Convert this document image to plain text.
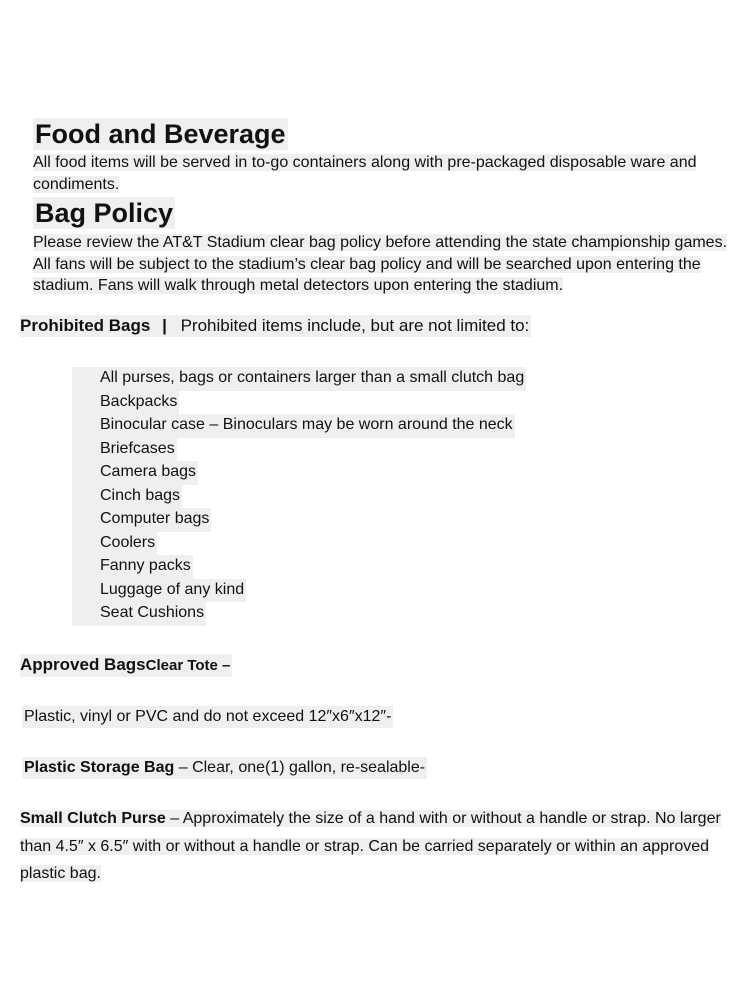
Food and Beverage

All food items will be served in to-go containers along with pre-packaged disposable ware and condiments.

Bag Policy

Please review the AT&T Stadium clear bag policy before attending the state championship games. All fans will be subject to the stadium’s clear bag policy and will be searched upon entering the stadium. Fans will walk through metal detectors upon entering the stadium.

Prohibited Bags | Prohibited items include, but are not limited to:
All purses, bags or containers larger than a small clutch bag
Backpacks
Binocular case – Binoculars may be worn around the neck
Briefcases
Camera bags
Cinch bags
Computer bags
Coolers
Fanny packs
Luggage of any kind
Seat Cushions
Approved BagsClear Tote –
Plastic, vinyl or PVC and do not exceed 12″x6″x12″-
Plastic Storage Bag – Clear, one(1) gallon, re-sealable-

Small Clutch Purse – Approximately the size of a hand with or without a handle or strap. No larger than 4.5″ x 6.5″ with or without a handle or strap. Can be carried separately or within an approved plastic bag.
